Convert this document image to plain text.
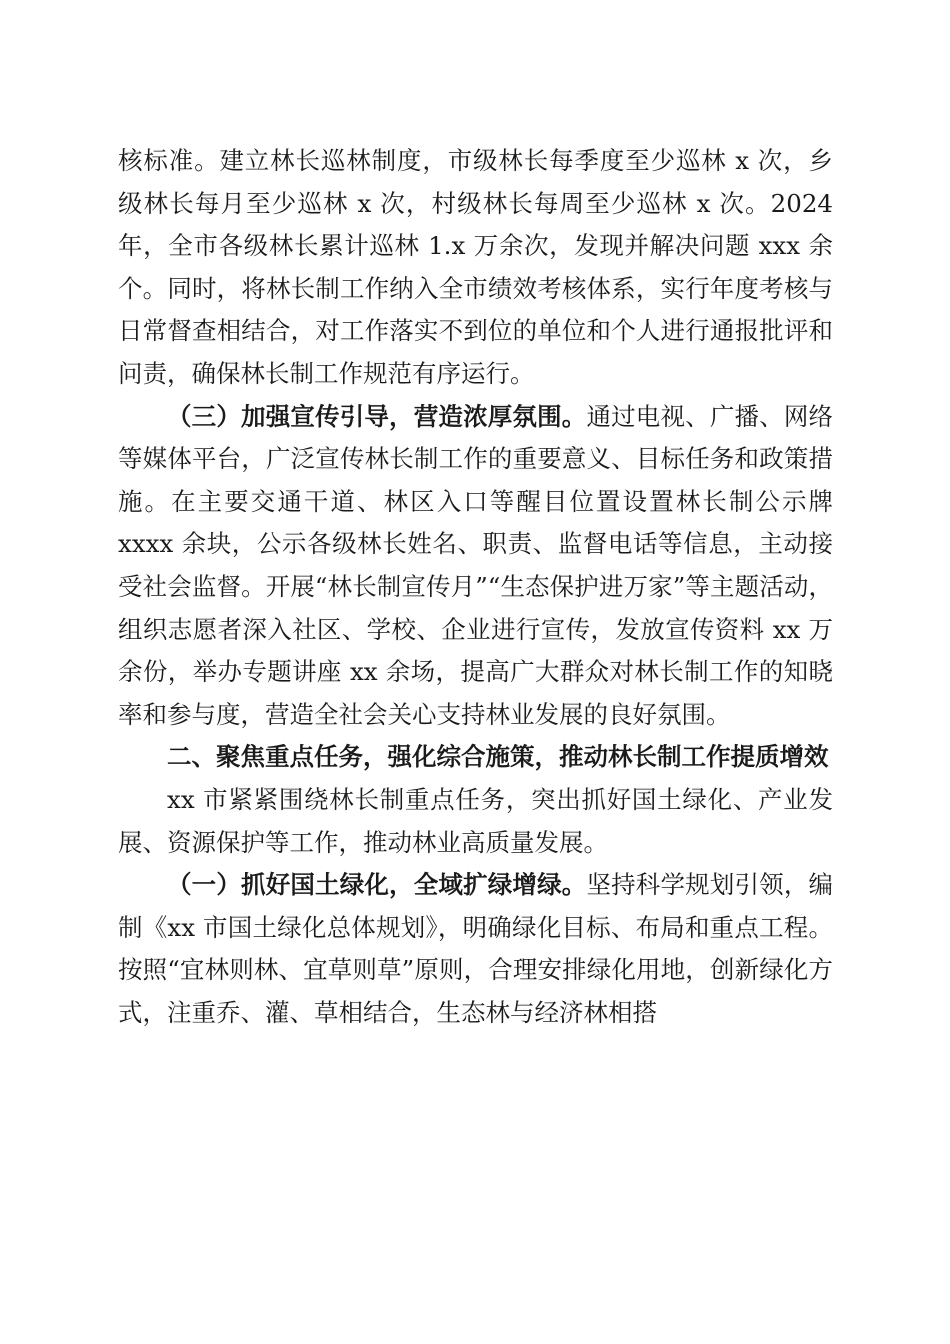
核标准。建立林长巡林制度，市级林长每季度至少巡林 x 次，乡级林长每月至少巡林 x 次，村级林长每周至少巡林 x 次。2024 年，全市各级林长累计巡林 1.x 万余次，发现并解决问题 xxx 余个。同时，将林长制工作纳入全市绩效考核体系，实行年度考核与日常督查相结合，对工作落实不到位的单位和个人进行通报批评和问责，确保林长制工作规范有序运行。

（三）加强宣传引导，营造浓厚氛围。通过电视、广播、网络等媒体平台，广泛宣传林长制工作的重要意义、目标任务和政策措施。在主要交通干道、林区入口等醒目位置设置林长制公示牌 xxxx 余块，公示各级林长姓名、职责、监督电话等信息，主动接受社会监督。开展“林长制宣传月”“生态保护进万家”等主题活动，组织志愿者深入社区、学校、企业进行宣传，发放宣传资料 xx 万余份，举办专题讲座 xx 余场，提高广大群众对林长制工作的知晓率和参与度，营造全社会关心支持林业发展的良好氛围。

二、聚焦重点任务，强化综合施策，推动林长制工作提质增效

xx 市紧紧围绕林长制重点任务，突出抓好国土绿化、产业发展、资源保护等工作，推动林业高质量发展。

（一）抓好国土绿化，全域扩绿增绿。坚持科学规划引领，编制《xx 市国土绿化总体规划》，明确绿化目标、布局和重点工程。按照“宜林则林、宜草则草”原则，合理安排绿化用地，创新绿化方式，注重乔、灌、草相结合，生态林与经济林相搭
